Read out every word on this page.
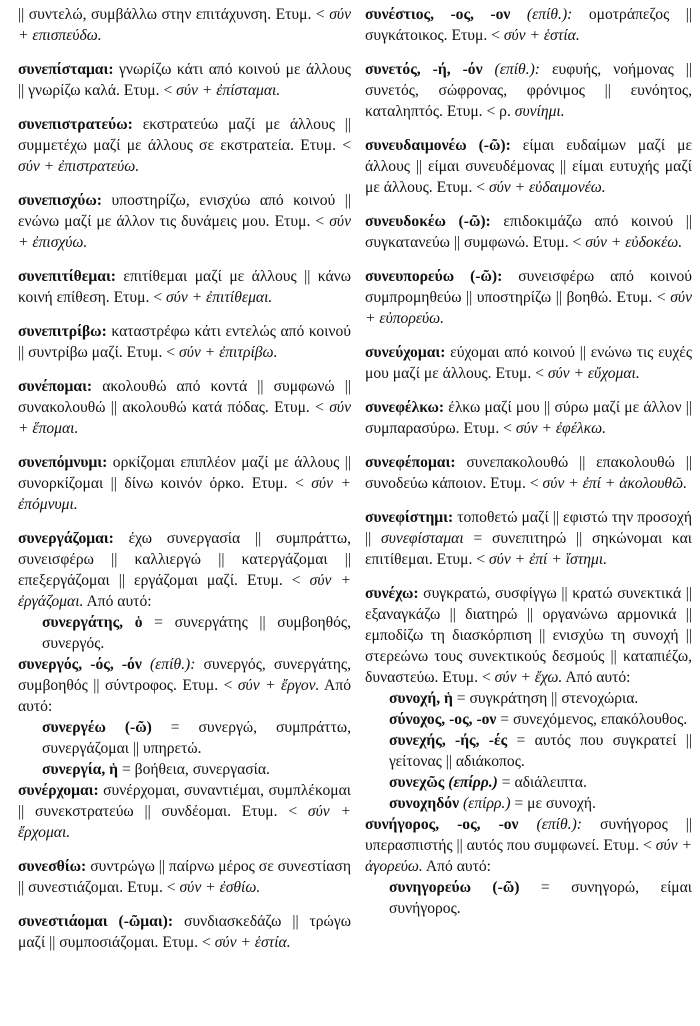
|| συντελώ, συμβάλλω στην επιτάχυνση. Ετυμ. < σύν + επισπεύδω.

συνεπίσταμαι: γνωρίζω κάτι από κοινού με άλλους || γνωρίζω καλά. Ετυμ. < σύν + ἐπίσταμαι.

συνεπιστρατεύω: εκστρατεύω μαζί με άλλους || συμμετέχω μαζί με άλλους σε εκστρατεία. Ετυμ. < σύν + ἐπιστρατεύω.

συνεπισχύω: υποστηρίζω, ενισχύω από κοινού || ενώνω μαζί με άλλον τις δυνάμεις μου. Ετυμ. < σύν + ἐπισχύω.

συνεπιτίθεμαι: επιτίθεμαι μαζί με άλλους || κάνω κοινή επίθεση. Ετυμ. < σύν + ἐπιτίθεμαι.

συνεπιτρίβω: καταστρέφω κάτι εντελώς από κοινού || συντρίβω μαζί. Ετυμ. < σύν + ἐπιτρίβω.

συνέπομαι: ακολουθώ από κοντά || συμφωνώ || συνακολουθώ || ακολουθώ κατά πόδας. Ετυμ. < σύν + ἕπομαι.

συνεπόμνυμι: ορκίζομαι επιπλέον μαζί με άλλους || συνορκίζομαι || δίνω κοινόν όρκο. Ετυμ. < σύν + ἐπόμνυμι.

συνεργάζομαι: έχω συνεργασία || συμπράττω, συνεισφέρω || καλλιεργώ || κατεργάζομαι || επεξεργάζομαι || εργάζομαι μαζί. Ετυμ. < σύν + ἐργάζομαι. Από αυτό:

συνεργάτης, ὁ = συνεργάτης || συμβοηθός, συνεργός.

συνεργός, -ός, -όν (επίθ.): συνεργός, συνεργάτης, συμβοηθός || σύντροφος. Ετυμ. < σύν + ἔργον. Από αυτό:

συνεργέω (-ῶ) = συνεργώ, συμπράττω, συνεργάζομαι || υπηρετώ.

συνεργία, ἡ = βοήθεια, συνεργασία.

συνέρχομαι: συνέρχομαι, συναντιέμαι, συμπλέκομαι || συνεκστρατεύω || συνδέομαι. Ετυμ. < σύν + ἔρχομαι.

συνεσθίω: συντρώγω || παίρνω μέρος σε συνεστίαση || συνεστιάζομαι. Ετυμ. < σύν + ἐσθίω.

συνεστιάομαι (-ῶμαι): συνδιασκεδάζω || τρώγω μαζί || συμποσιάζομαι. Ετυμ. < σύν + ἑστία.

συνέστιος, -ος, -ον (επίθ.): ομοτράπεζος || συγκάτοικος. Ετυμ. < σύν + ἑστία.

συνετός, -ή, -όν (επίθ.): ευφυής, νοήμονας || συνετός, σώφρονας, φρόνιμος || ευνόητος, καταληπτός. Ετυμ. < ρ. συνίημι.

συνευδαιμονέω (-ῶ): είμαι ευδαίμων μαζί με άλλους || είμαι συνευδέμονας || είμαι ευτυχής μαζί με άλλους. Ετυμ. < σύν + εὐδαιμονέω.

συνευδοκέω (-ῶ): επιδοκιμάζω από κοινού || συγκατανεύω || συμφωνώ. Ετυμ. < σύν + εὐδοκέω.

συνευπορεύω (-ῶ): συνεισφέρω από κοινού συμπρομηθεύω || υποστηρίζω || βοηθώ. Ετυμ. < σύν + εὐπορεύω.

συνεύχομαι: εύχομαι από κοινού || ενώνω τις ευχές μου μαζί με άλλους. Ετυμ. < σύν + εὔχομαι.

συνεφέλκω: έλκω μαζί μου || σύρω μαζί με άλλον || συμπαρασύρω. Ετυμ. < σύν + ἐφέλκω.

συνεφέπομαι: συνεπακολουθώ || επακολουθώ || συνοδεύω κάποιον. Ετυμ. < σύν + ἐπί + ἀκολουθῶ.

συνεφίστημι: τοποθετώ μαζί || εφιστώ την προσοχή || συνεφίσταμαι = συνεπιτηρώ || σηκώνομαι και επιτίθεμαι. Ετυμ. < σύν + ἐπί + ἵστημι.

συνέχω: συγκρατώ, συσφίγγω || κρατώ συνεκτικά || εξαναγκάζω || διατηρώ || οργανώνω αρμονικά || εμποδίζω τη διασκόρπιση || ενισχύω τη συνοχή || στερεώνω τους συνεκτικούς δεσμούς || καταπιέζω, δυναστεύω. Ετυμ. < σύν + ἔχω. Από αυτό:

συνοχή, ἡ = συγκράτηση || στενοχώρια.

σύνοχος, -ος, -ον = συνεχόμενος, επακόλουθος.

συνεχής, -ής, -ές = αυτός που συγκρατεί || γείτονας || αδιάκοπος.

συνεχῶς (επίρρ.) = αδιάλειπτα.

συνοχηδόν (επίρρ.) = με συνοχή.

συνήγορος, -ος, -ον (επίθ.): συνήγορος || υπερασπιστής || αυτός που συμφωνεί. Ετυμ. < σύν + ἀγορεύω. Από αυτό:

συνηγορεύω (-ῶ) = συνηγορώ, είμαι συνήγορος.
